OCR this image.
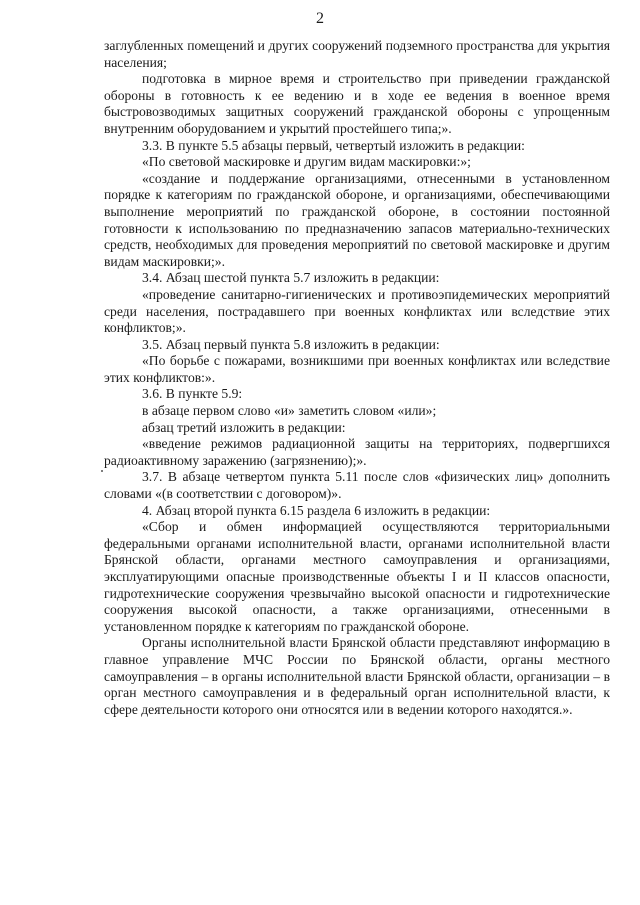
2

заглубленных помещений и других сооружений подземного пространства для укрытия населения;

подготовка в мирное время и строительство при приведении гражданской обороны в готовность к ее ведению и в ходе ее ведения в военное время быстровозводимых защитных сооружений гражданской обороны с упрощенным внутренним оборудованием и укрытий простейшего типа;».

3.3. В пункте 5.5 абзацы первый, четвертый изложить в редакции:

«По световой маскировке и другим видам маскировки:»;

«создание и поддержание организациями, отнесенными в установленном порядке к категориям по гражданской обороне, и организациями, обеспечивающими выполнение мероприятий по гражданской обороне, в состоянии постоянной готовности к использованию по предназначению запасов материально-технических средств, необходимых для проведения мероприятий по световой маскировке и другим видам маскировки;».

3.4. Абзац шестой пункта 5.7 изложить в редакции:

«проведение санитарно-гигиенических и противоэпидемических мероприятий среди населения, пострадавшего при военных конфликтах или вследствие этих конфликтов;».

3.5. Абзац первый пункта 5.8 изложить в редакции:

«По борьбе с пожарами, возникшими при военных конфликтах или вследствие этих конфликтов:».

3.6. В пункте 5.9:

в абзаце первом слово «и» заметить словом «или»;

абзац третий изложить в редакции:

«введение режимов радиационной защиты на территориях, подвергшихся радиоактивному заражению (загрязнению);».

3.7. В абзаце четвертом пункта 5.11 после слов «физических лиц» дополнить словами «(в соответствии с договором)».

4. Абзац второй пункта 6.15 раздела 6 изложить в редакции:

«Сбор и обмен информацией осуществляются территориальными федеральными органами исполнительной власти, органами исполнительной власти Брянской области, органами местного самоуправления и организациями, эксплуатирующими опасные производственные объекты I и II классов опасности, гидротехнические сооружения чрезвычайно высокой опасности и гидротехнические сооружения высокой опасности, а также организациями, отнесенными в установленном порядке к категориям по гражданской обороне.

Органы исполнительной власти Брянской области представляют информацию в главное управление МЧС России по Брянской области, органы местного самоуправления – в органы исполнительной власти Брянской области, организации – в орган местного самоуправления и в федеральный орган исполнительной власти, к сфере деятельности которого они относятся или в ведении которого находятся.».
